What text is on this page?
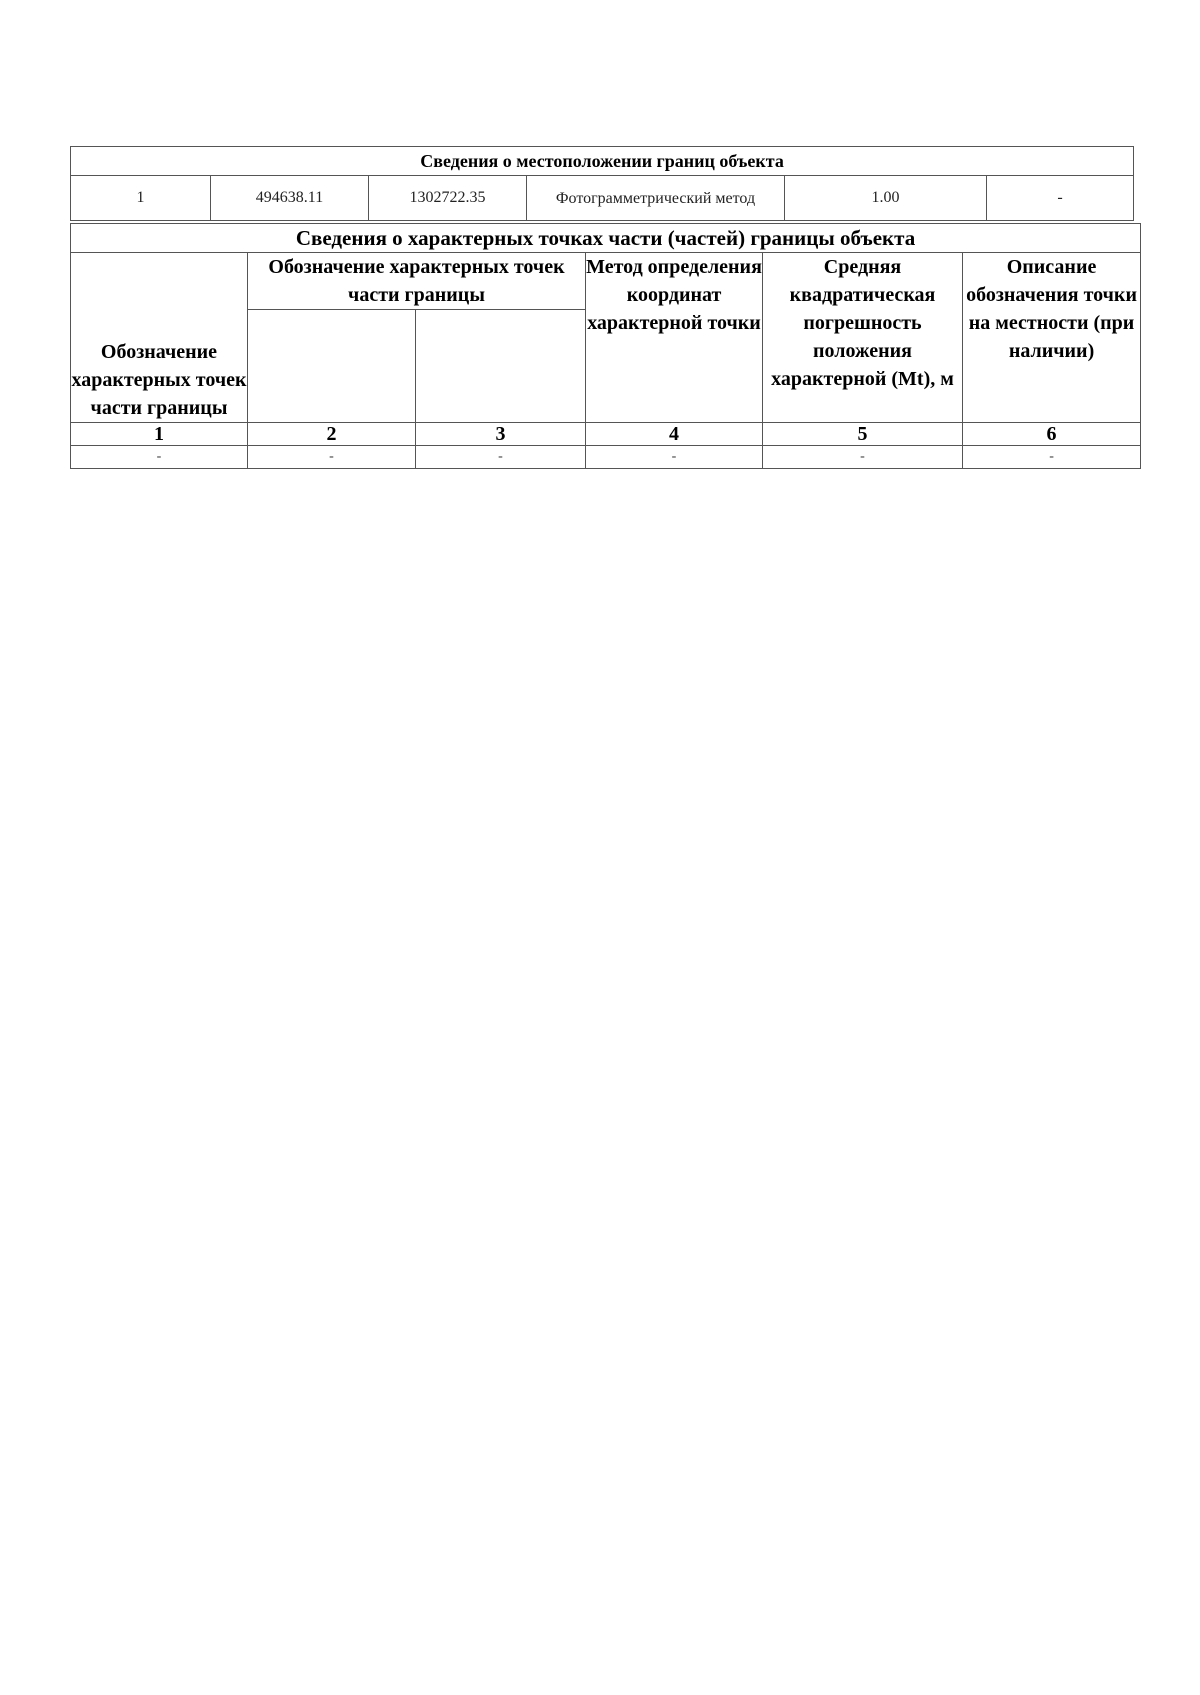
Сведения о местоположении границ объекта
1	494638.11	1302722.35	Фотограмметрический метод	1.00	-
Сведения о характерных точках части (частей) границы объекта					
Обозначение характерных точек части границы	Обозначение характерных точек части границы		Метод определения координат характерной точки	Средняя квадратическая погрешность положения характерной (Mt), м	Описание обозначения точки на местности (при наличии)

1	2	3	4	5	6
-	-	-	-	-	-
